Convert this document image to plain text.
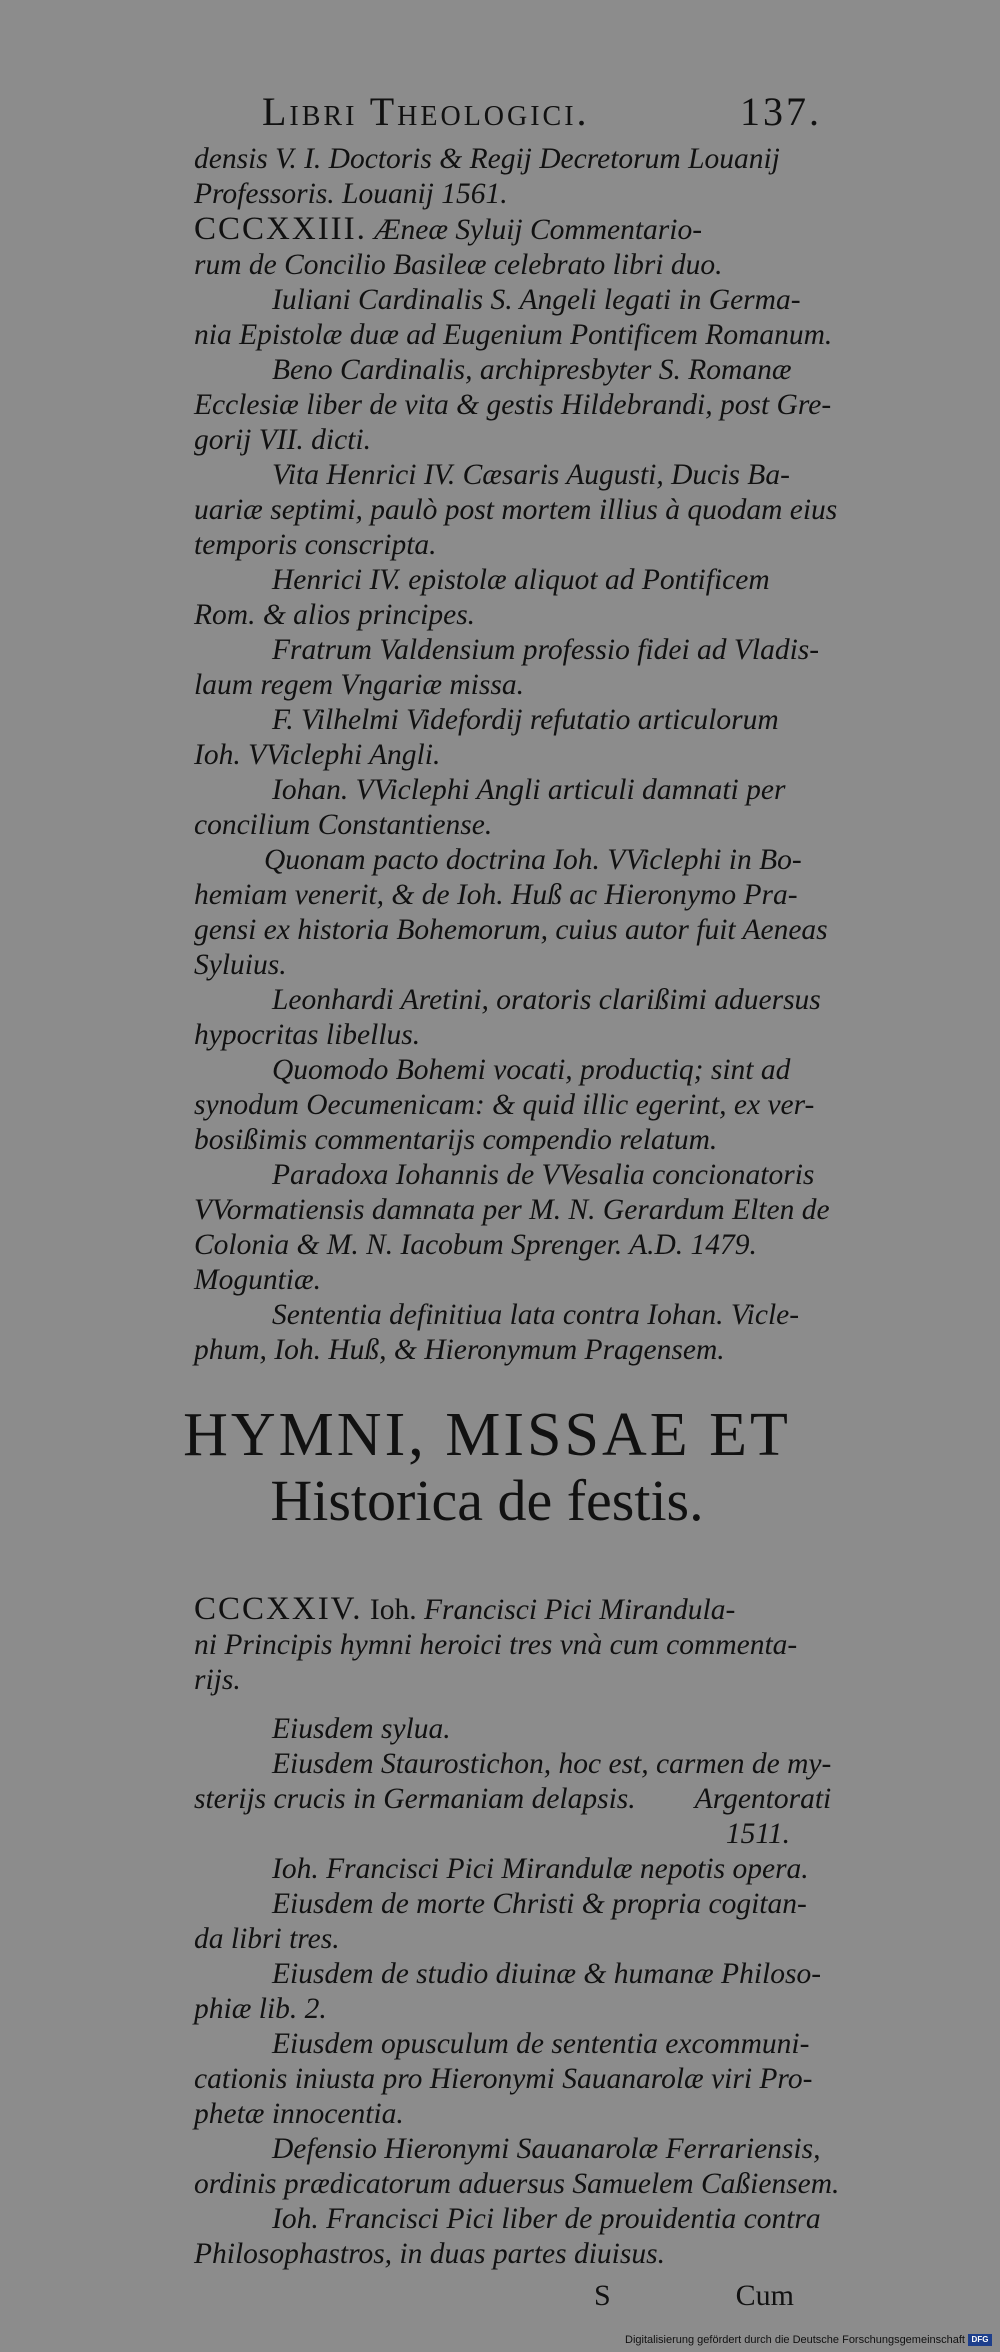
Libri Theologici.	137.
densis V. I. Doctoris & Regij Decretorum Louanij
Professoris. Louanij 1561.
CCCXXIII. Æneæ Syluij Commentario-
rum de Concilio Basileæ celebrato libri duo.
Iuliani Cardinalis S. Angeli legati in Germa-
nia Epistolæ duæ ad Eugenium Pontificem Romanum.
Beno Cardinalis, archipresbyter S. Romanæ
Ecclesiæ liber de vita & gestis Hildebrandi, post Gre-
gorij VII. dicti.
Vita Henrici IV. Cæsaris Augusti, Ducis Ba-
uariæ septimi, paulò post mortem illius à quodam eius
temporis conscripta.
Henrici IV. epistolæ aliquot ad Pontificem
Rom. & alios principes.
Fratrum Valdensium professio fidei ad Vladis-
laum regem Vngariæ missa.
F. Vilhelmi Videfordij refutatio articulorum
Ioh. VViclephi Angli.
Iohan. VViclephi Angli articuli damnati per
concilium Constantiense.
Quonam pacto doctrina Ioh. VViclephi in Bo-
hemiam venerit, & de Ioh. Huß ac Hieronymo Pra-
gensi ex historia Bohemorum, cuius autor fuit Aeneas
Syluius.
Leonhardi Aretini, oratoris clarißimi aduersus
hypocritas libellus.
Quomodo Bohemi vocati, productiq; sint ad
synodum Oecumenicam: & quid illic egerint, ex ver-
bosißimis commentarijs compendio relatum.
Paradoxa Iohannis de VVesalia concionatoris
VVormatiensis damnata per M. N. Gerardum Elten de
Colonia & M. N. Iacobum Sprenger. A.D. 1479.
Moguntiæ.
Sententia definitiua lata contra Iohan. Vicle-
phum, Ioh. Huß, & Hieronymum Pragensem.
HYMNI, MISSAE ET
Historica de festis.
CCCXXIV. Ioh. Francisci Pici Mirandula-
ni Principis hymni heroici tres vnà cum commenta-
rijs.
Eiusdem sylua.
Eiusdem Staurostichon, hoc est, carmen de my-
sterijs crucis in Germaniam delapsis. Argentorati
1511.
Ioh. Francisci Pici Mirandulæ nepotis opera.
Eiusdem de morte Christi & propria cogitan-
da libri tres.
Eiusdem de studio diuinæ & humanæ Philoso-
phiæ lib. 2.
Eiusdem opusculum de sententia excommuni-
cationis iniusta pro Hieronymi Sauanarolæ viri Pro-
phetæ innocentia.
Defensio Hieronymi Sauanarolæ Ferrariensis,
ordinis prædicatorum aduersus Samuelem Caßiensem.
Ioh. Francisci Pici liber de prouidentia contra
Philosophastros, in duas partes diuisus.
S	Cum
Digitalisierung gefördert durch die Deutsche Forschungsgemeinschaft DFG
